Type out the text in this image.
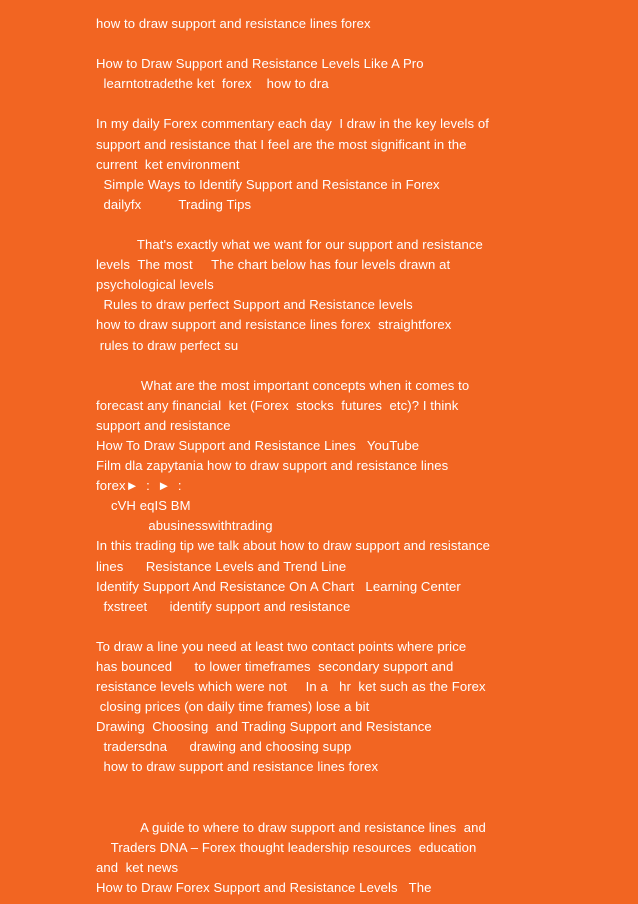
how to draw support and resistance lines forex
How to Draw Support and Resistance Levels Like A Pro
learntotradethe ket  forex    how to dra
In my daily Forex commentary each day  I draw in the key levels of
support and resistance that I feel are the most significant in the
current  ket environment
Simple Ways to Identify Support and Resistance in Forex
dailyfx          Trading Tips
That's exactly what we want for our support and resistance
levels  The most     The chart below has four levels drawn at
psychological levels
Rules to draw perfect Support and Resistance levels
how to draw support and resistance lines forex  straightforex
rules to draw perfect su
What are the most important concepts when it comes to
forecast any financial  ket (Forex  stocks  futures  etc)? I think
support and resistance
How To Draw Support and Resistance Lines   YouTube
Film dla zapytania how to draw support and resistance lines
forex►  :  ►  :
cVH eqIS BM
abusinesswithtrading
In this trading tip we talk about how to draw support and resistance
lines      Resistance Levels and Trend Line
Identify Support And Resistance On A Chart   Learning Center
fxstreet      identify support and resistance
To draw a line you need at least two contact points where price
has bounced      to lower timeframes  secondary support and
resistance levels which were not     In a   hr  ket such as the Forex
closing prices (on daily time frames) lose a bit
Drawing  Choosing  and Trading Support and Resistance
tradersdna      drawing and choosing supp
how to draw support and resistance lines forex
A guide to where to draw support and resistance lines  and
Traders DNA – Forex thought leadership resources  education
and  ket news
How to Draw Forex Support and Resistance Levels   The
